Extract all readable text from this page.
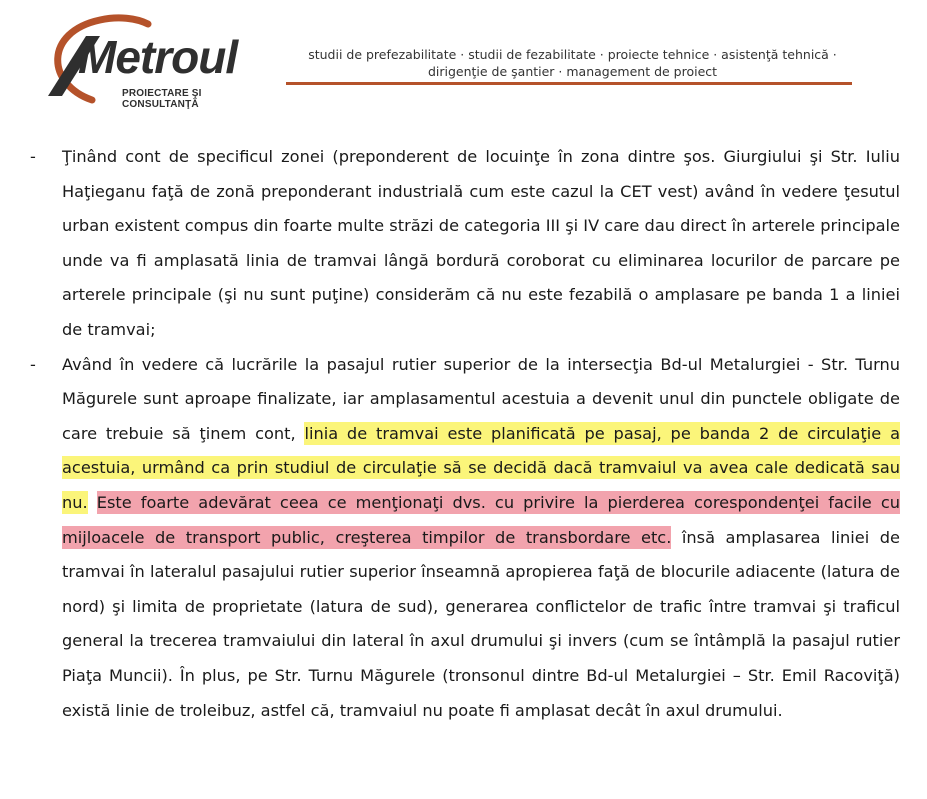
Metroul
PROIECTARE ŞI CONSULTANŢĂ
studii de prefezabilitate · studii de fezabilitate · proiecte tehnice · asistenţă tehnică ·
dirigenţie de şantier · management de proiect

- Ţinând cont de specificul zonei (preponderent de locuinţe în zona dintre şos. Giurgiului şi Str. Iuliu Haţieganu faţă de zonă preponderant industrială cum este cazul la CET vest) având în vedere ţesutul urban existent compus din foarte multe străzi de categoria III şi IV care dau direct în arterele principale unde va fi amplasată linia de tramvai lângă bordură coroborat cu eliminarea locurilor de parcare pe arterele principale (şi nu sunt puţine) considerăm că nu este fezabilă o amplasare pe banda 1 a liniei de tramvai;

- Având în vedere că lucrările la pasajul rutier superior de la intersecţia Bd-ul Metalurgiei - Str. Turnu Măgurele sunt aproape finalizate, iar amplasamentul acestuia a devenit unul din punctele obligate de care trebuie să ţinem cont, linia de tramvai este planificată pe pasaj, pe banda 2 de circulaţie a acestuia, urmând ca prin studiul de circulaţie să se decidă dacă tramvaiul va avea cale dedicată sau nu. Este foarte adevărat ceea ce menţionaţi dvs. cu privire la pierderea corespondenţei facile cu mijloacele de transport public, creşterea timpilor de transbordare etc. însă amplasarea liniei de tramvai în lateralul pasajului rutier superior înseamnă apropierea faţă de blocurile adiacente (latura de nord) şi limita de proprietate (latura de sud), generarea conflictelor de trafic între tramvai şi traficul general la trecerea tramvaiului din lateral în axul drumului şi invers (cum se întâmplă la pasajul rutier Piaţa Muncii). În plus, pe Str. Turnu Măgurele (tronsonul dintre Bd-ul Metalurgiei – Str. Emil Racoviţă) există linie de troleibuz, astfel că, tramvaiul nu poate fi amplasat decât în axul drumului.
